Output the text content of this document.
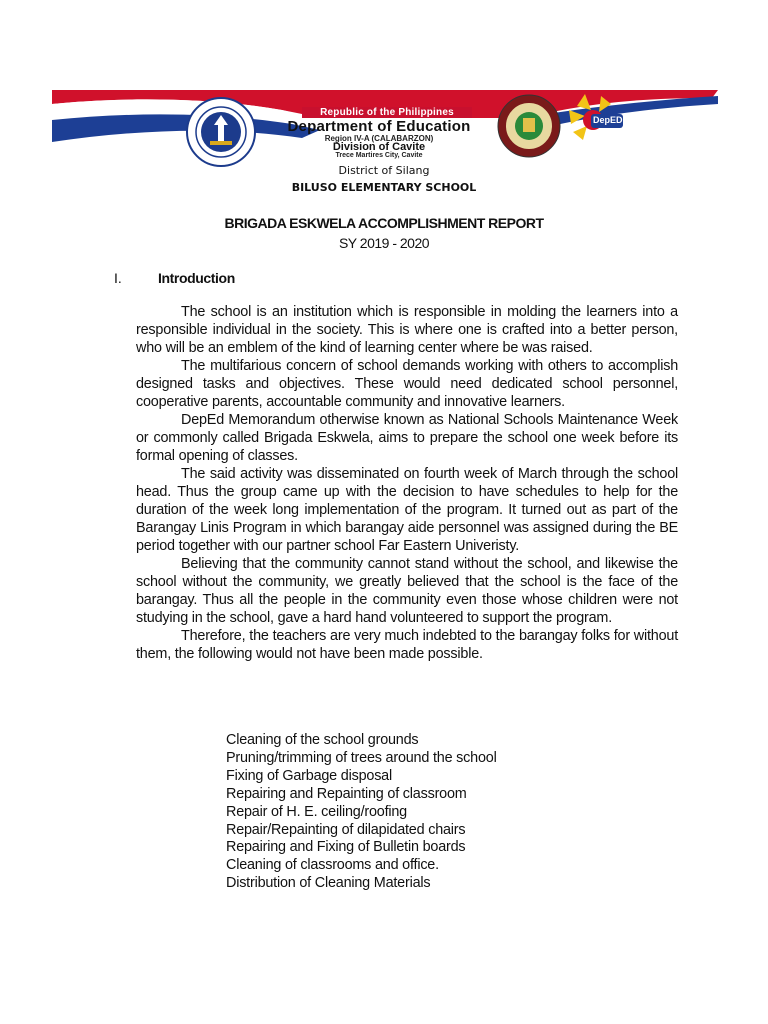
DepED
Republic of the Philippines
Department of Education
Region IV-A (CALABARZON)
Division of Cavite
Trece Martires City, Cavite
District of Silang
BILUSO ELEMENTARY SCHOOL
BRIGADA ESKWELA ACCOMPLISHMENT REPORT
SY 2019 - 2020
I.	Introduction

The school is an institution which is responsible in molding the learners into a responsible individual in the society. This is where one is crafted into a better person, who will be an emblem of the kind of learning center where be was raised.

The multifarious concern of school demands working with others to accomplish designed tasks and objectives. These would need dedicated school personnel, cooperative parents, accountable community and innovative learners.

DepEd Memorandum otherwise known as National Schools Maintenance Week or commonly called Brigada Eskwela, aims to prepare the school one week before its formal opening of classes.

The said activity was disseminated on fourth week of March through the school head. Thus the group came up with the decision to have schedules to help for the duration of the week long implementation of the program. It turned out as part of the Barangay Linis Program in which barangay aide personnel was assigned during the BE period together with our partner school Far Eastern Univeristy.

Believing that the community cannot stand without the school, and likewise the school without the community, we greatly believed that the school is the face of the barangay. Thus all the people in the community even those whose children were not studying in the school, gave a hard hand volunteered to support the program.

Therefore, the teachers are very much indebted to the barangay folks for without them, the following would not have been made possible.

Cleaning of the school grounds
Pruning/trimming of trees around the school
Fixing of Garbage disposal
Repairing and Repainting of classroom
Repair of H. E. ceiling/roofing
Repair/Repainting of dilapidated chairs
Repairing and Fixing of Bulletin boards
Cleaning of classrooms and office.
Distribution of Cleaning Materials
